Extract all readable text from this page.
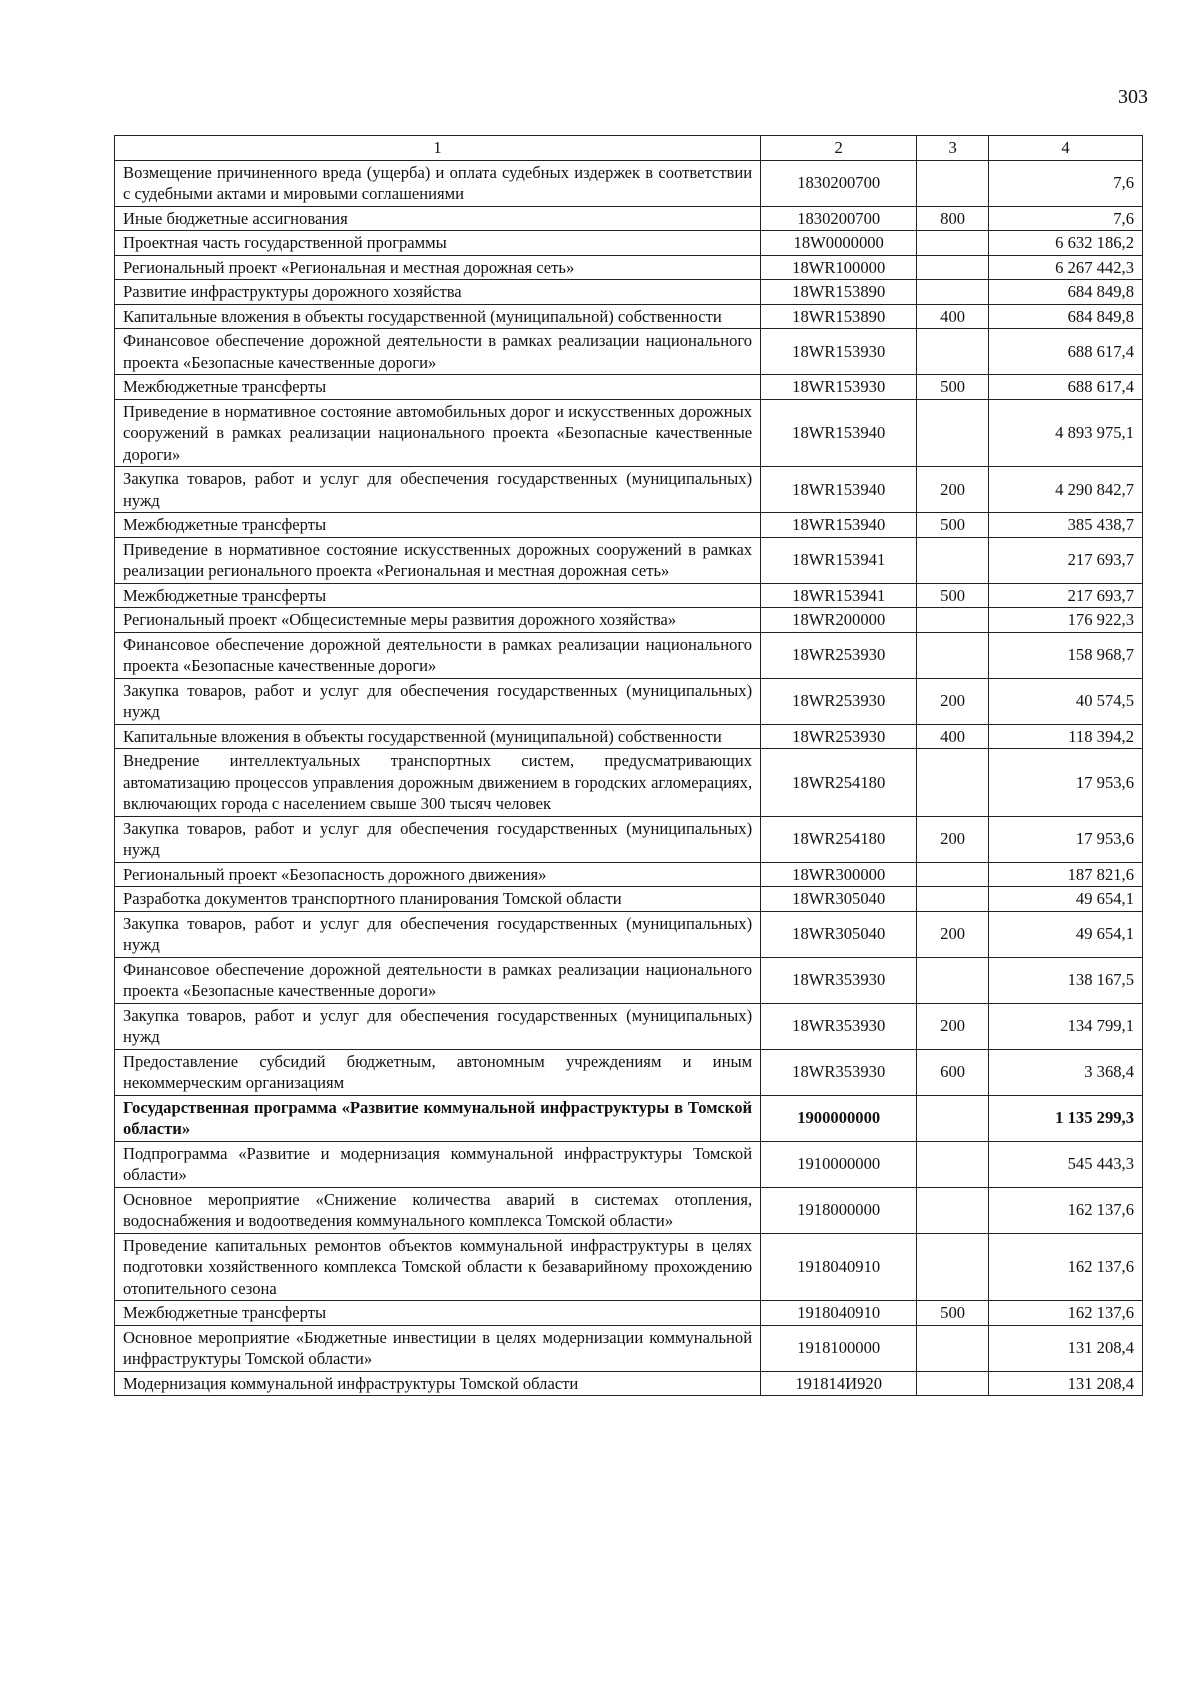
303
1	2	3	4
Возмещение причиненного вреда (ущерба) и оплата судебных издержек в соответствии с судебными актами и мировыми соглашениями	1830200700		7,6
Иные бюджетные ассигнования	1830200700	800	7,6
Проектная часть государственной программы	18W0000000		6 632 186,2
Региональный проект «Региональная и местная дорожная сеть»	18WR100000		6 267 442,3
Развитие инфраструктуры дорожного хозяйства	18WR153890		684 849,8
Капитальные вложения в объекты государственной (муниципальной) собственности	18WR153890	400	684 849,8
Финансовое обеспечение дорожной деятельности в рамках реализации национального проекта «Безопасные качественные дороги»	18WR153930		688 617,4
Межбюджетные трансферты	18WR153930	500	688 617,4
Приведение в нормативное состояние автомобильных дорог и искусственных дорожных сооружений в рамках реализации национального проекта «Безопасные качественные дороги»	18WR153940		4 893 975,1
Закупка товаров, работ и услуг для обеспечения государственных (муниципальных) нужд	18WR153940	200	4 290 842,7
Межбюджетные трансферты	18WR153940	500	385 438,7
Приведение в нормативное состояние искусственных дорожных сооружений в рамках реализации регионального проекта «Региональная и местная дорожная сеть»	18WR153941		217 693,7
Межбюджетные трансферты	18WR153941	500	217 693,7
Региональный проект «Общесистемные меры развития дорожного хозяйства»	18WR200000		176 922,3
Финансовое обеспечение дорожной деятельности в рамках реализации национального проекта «Безопасные качественные дороги»	18WR253930		158 968,7
Закупка товаров, работ и услуг для обеспечения государственных (муниципальных) нужд	18WR253930	200	40 574,5
Капитальные вложения в объекты государственной (муниципальной) собственности	18WR253930	400	118 394,2
Внедрение интеллектуальных транспортных систем, предусматривающих автоматизацию процессов управления дорожным движением в городских агломерациях, включающих города с населением свыше 300 тысяч человек	18WR254180		17 953,6
Закупка товаров, работ и услуг для обеспечения государственных (муниципальных) нужд	18WR254180	200	17 953,6
Региональный проект «Безопасность дорожного движения»	18WR300000		187 821,6
Разработка документов транспортного планирования Томской области	18WR305040		49 654,1
Закупка товаров, работ и услуг для обеспечения государственных (муниципальных) нужд	18WR305040	200	49 654,1
Финансовое обеспечение дорожной деятельности в рамках реализации национального проекта «Безопасные качественные дороги»	18WR353930		138 167,5
Закупка товаров, работ и услуг для обеспечения государственных (муниципальных) нужд	18WR353930	200	134 799,1
Предоставление субсидий бюджетным, автономным учреждениям и иным некоммерческим организациям	18WR353930	600	3 368,4
Государственная программа «Развитие коммунальной инфраструктуры в Томской области»	1900000000		1 135 299,3
Подпрограмма «Развитие и модернизация коммунальной инфраструктуры Томской области»	1910000000		545 443,3
Основное мероприятие «Снижение количества аварий в системах отопления, водоснабжения и водоотведения коммунального комплекса Томской области»	1918000000		162 137,6
Проведение капитальных ремонтов объектов коммунальной инфраструктуры в целях подготовки хозяйственного комплекса Томской области к безаварийному прохождению отопительного сезона	1918040910		162 137,6
Межбюджетные трансферты	1918040910	500	162 137,6
Основное мероприятие «Бюджетные инвестиции в целях модернизации коммунальной инфраструктуры Томской области»	1918100000		131 208,4
Модернизация коммунальной инфраструктуры Томской области	191814И920		131 208,4
